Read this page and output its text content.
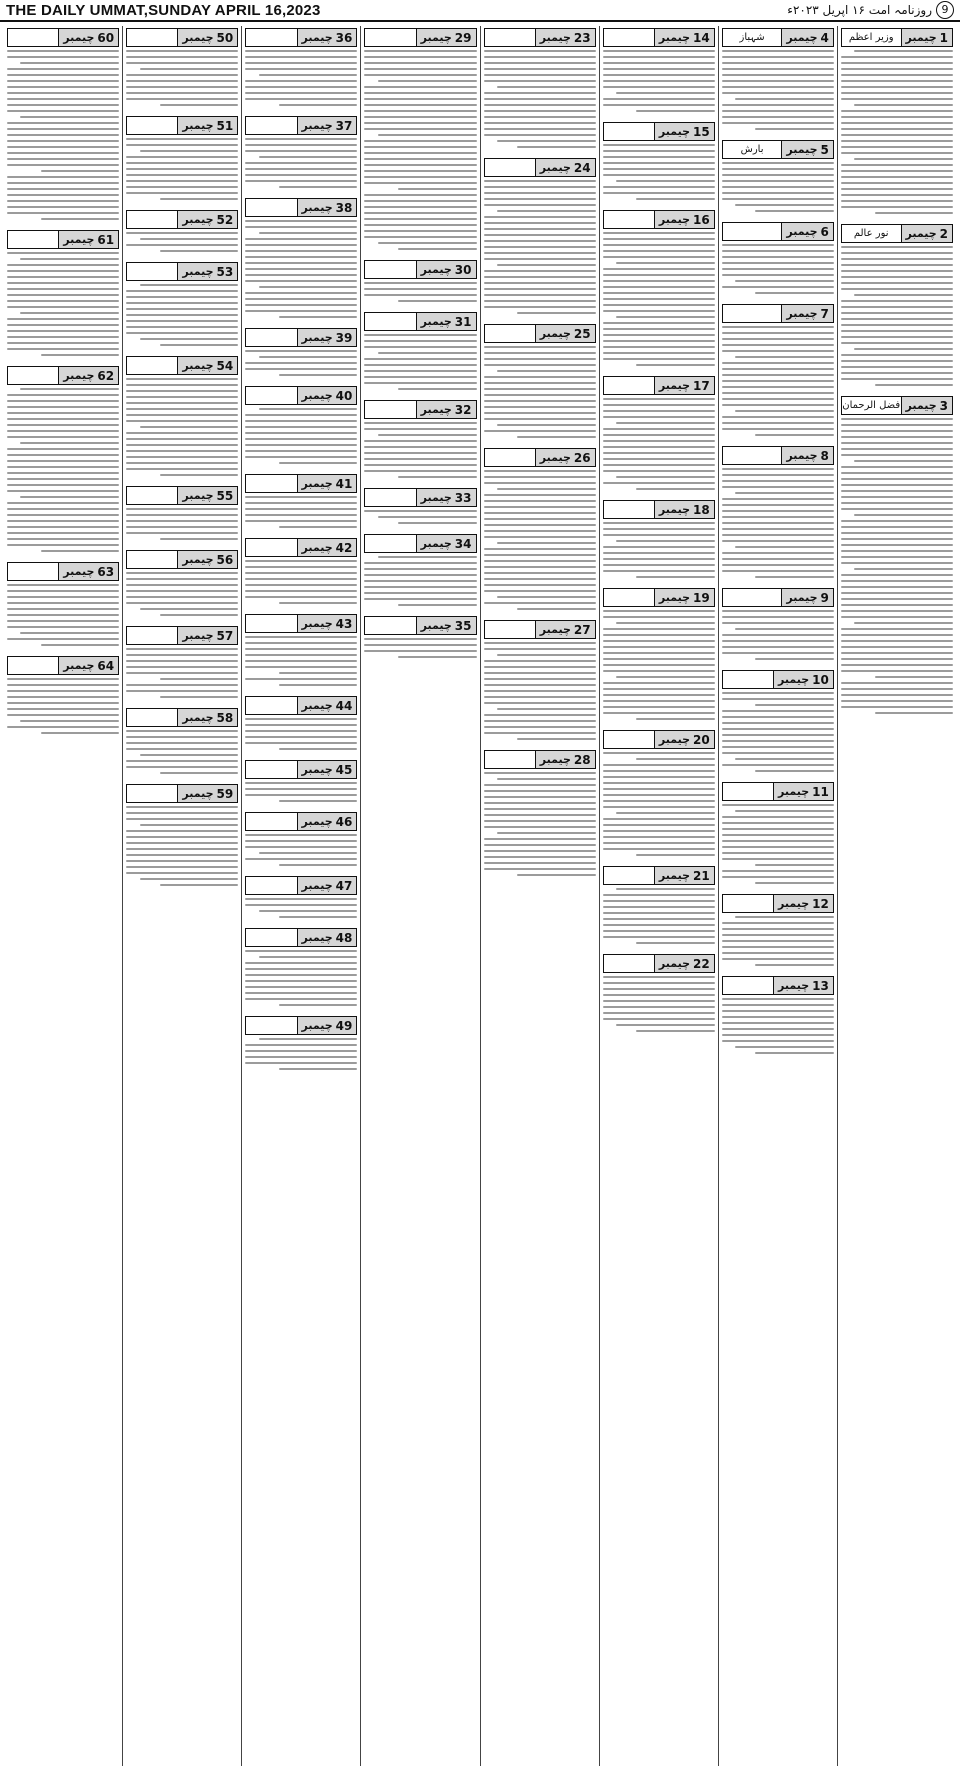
THE DAILY UMMAT,SUNDAY APRIL 16,2023	9
روزنامہ امت ۱۶ اپریل ۲۰۲۳ء
چیمبر 1
وزیر اعظم
چیمبر 2
نور عالم
چیمبر 3
فضل الرحمان
چیمبر 4
شہباز
چیمبر 5
بارش
چیمبر 6
چیمبر 7
چیمبر 8
چیمبر 9
چیمبر 10
چیمبر 11
چیمبر 12
چیمبر 13
چیمبر 14
چیمبر 15
چیمبر 16
چیمبر 17
چیمبر 18
چیمبر 19
چیمبر 20
چیمبر 21
چیمبر 22
چیمبر 23
چیمبر 24
چیمبر 25
چیمبر 26
چیمبر 27
چیمبر 28
چیمبر 29
چیمبر 30
چیمبر 31
چیمبر 32
چیمبر 33
چیمبر 34
چیمبر 35
چیمبر 36
چیمبر 37
چیمبر 38
چیمبر 39
چیمبر 40
چیمبر 41
چیمبر 42
چیمبر 43
چیمبر 44
چیمبر 45
چیمبر 46
چیمبر 47
چیمبر 48
چیمبر 49
چیمبر 50
چیمبر 51
چیمبر 52
چیمبر 53
چیمبر 54
چیمبر 55
چیمبر 56
چیمبر 57
چیمبر 58
چیمبر 59
چیمبر 60
چیمبر 61
چیمبر 62
چیمبر 63
چیمبر 64
